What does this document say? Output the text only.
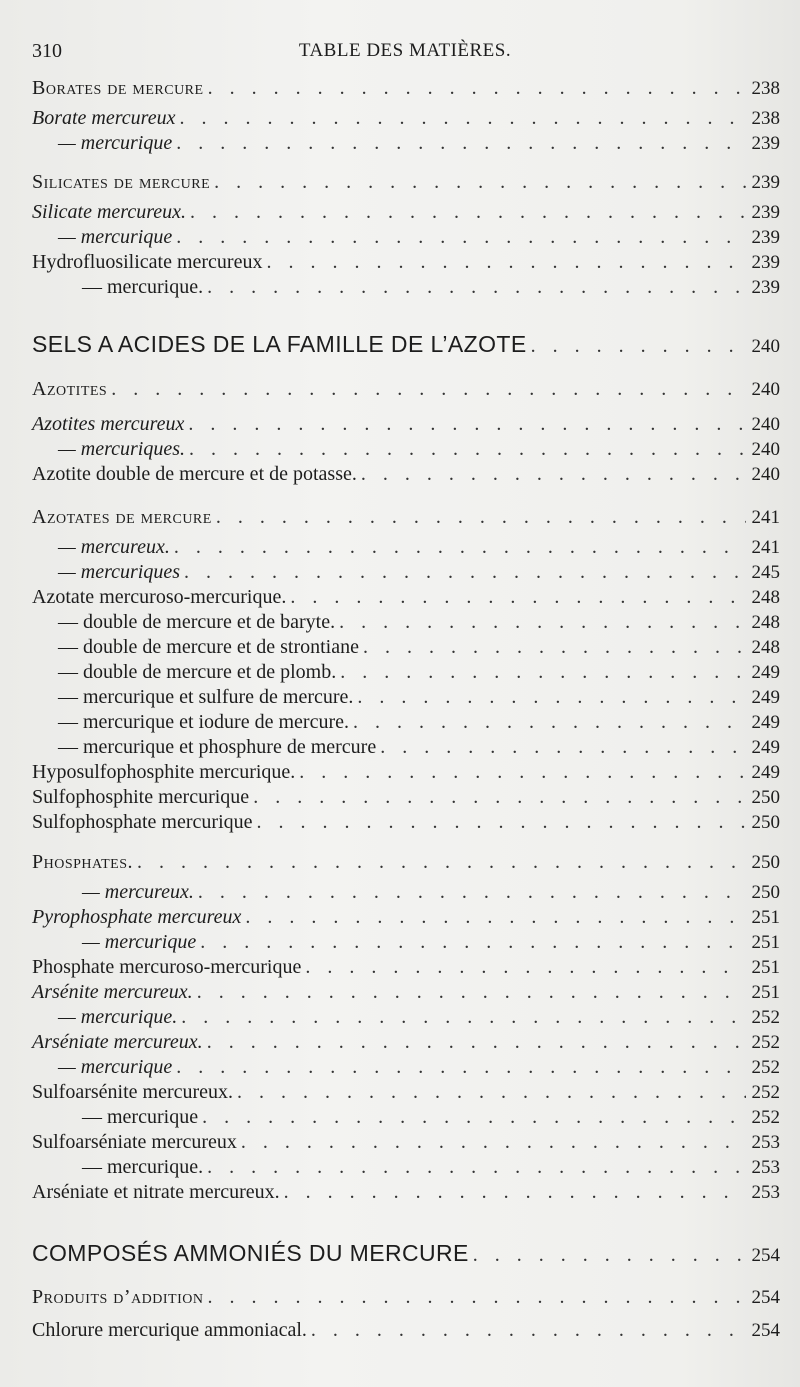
310	TABLE DES MATIÈRES.
Borates de mercure . . .	238
Borate mercureux . . .	238
— mercurique . . .	239
Silicates de mercure . . .	239
Silicate mercureux. . . .	239
— mercurique . . .	239
Hydrofluosilicate mercureux . . .	239
— mercurique. . . .	239
SELS A ACIDES DE LA FAMILLE DE L’AZOTE . . .	240
Azotites . . .	240
Azotites mercureux . . .	240
— mercuriques. . . .	240
Azotite double de mercure et de potasse. . . .	240
Azotates de mercure . . .	241
— mercureux. . . .	241
— mercuriques . . .	245
Azotate mercuroso-mercurique. . . .	248
— double de mercure et de baryte. . . .	248
— double de mercure et de strontiane . . .	248
— double de mercure et de plomb. . . .	249
— mercurique et sulfure de mercure. . . .	249
— mercurique et iodure de mercure. . . .	249
— mercurique et phosphure de mercure . . .	249
Hyposulfophosphite mercurique. . . .	249
Sulfophosphite mercurique . . .	250
Sulfophosphate mercurique . . .	250
Phosphates. . . .	250
— mercureux. . . .	250
Pyrophosphate mercureux . . .	251
— mercurique . . .	251
Phosphate mercuroso-mercurique . . .	251
Arsénite mercureux. . . .	251
— mercurique. . . .	252
Arséniate mercureux. . . .	252
— mercurique . . .	252
Sulfoarsénite mercureux. . . .	252
— mercurique . . .	252
Sulfoarséniate mercureux . . .	253
— mercurique. . . .	253
Arséniate et nitrate mercureux. . . .	253
COMPOSÉS AMMONIÉS DU MERCURE . . .	254
Produits d’addition . . .	254
Chlorure mercurique ammoniacal. . . .	254
